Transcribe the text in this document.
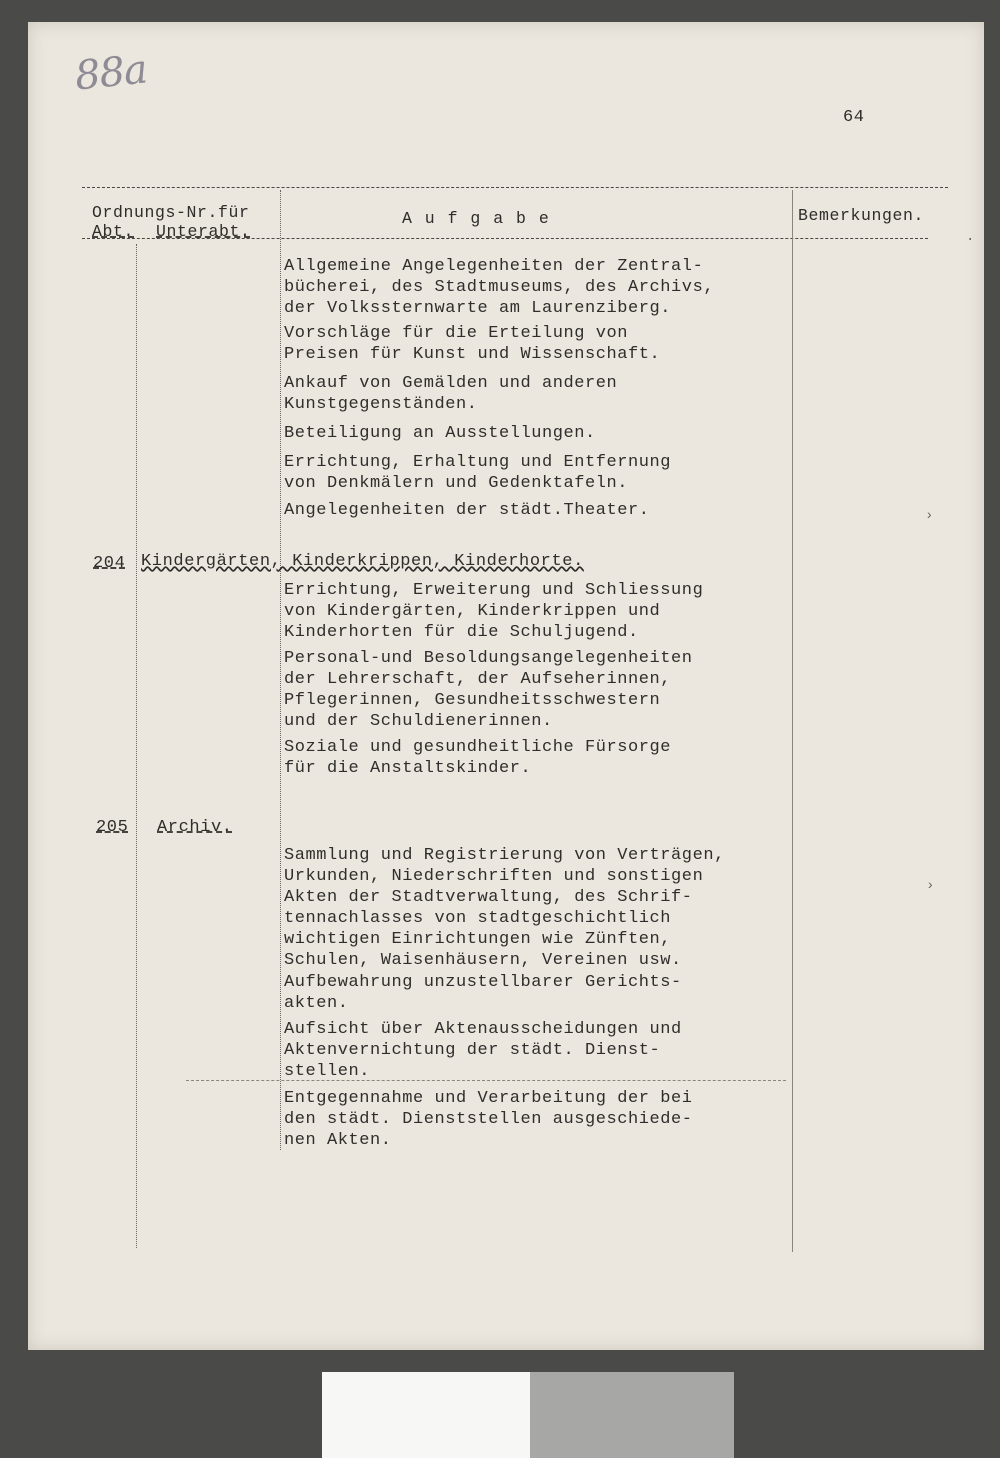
88a
64
Ordnungs-Nr.für
Abt. Unterabt.
A u f g a b e	Bemerkungen.
Allgemeine Angelegenheiten der Zentral-
bücherei, des Stadtmuseums, des Archivs,
der Volkssternwarte am Laurenziberg.
Vorschläge für die Erteilung von
Preisen für Kunst und Wissenschaft.
Ankauf von Gemälden und anderen
Kunstgegenständen.
Beteiligung an Ausstellungen.
Errichtung, Erhaltung und Entfernung
von Denkmälern und Gedenktafeln.
Angelegenheiten der städt.Theater.
204 Kindergärten, Kinderkrippen, Kinderhorte.
Errichtung, Erweiterung und Schliessung
von Kindergärten, Kinderkrippen und
Kinderhorten für die Schuljugend.
Personal-und Besoldungsangelegenheiten
der Lehrerschaft, der Aufseherinnen,
Pflegerinnen, Gesundheitsschwestern
und der Schuldienerinnen.
Soziale und gesundheitliche Fürsorge
für die Anstaltskinder.
205 Archiv.
Sammlung und Registrierung von Verträgen,
Urkunden, Niederschriften und sonstigen
Akten der Stadtverwaltung, des Schrif-
tennachlasses von stadtgeschichtlich
wichtigen Einrichtungen wie Zünften,
Schulen, Waisenhäusern, Vereinen usw.
Aufbewahrung unzustellbarer Gerichts-
akten.
Aufsicht über Aktenausscheidungen und
Aktenvernichtung der städt. Dienst-
stellen.
Entgegennahme und Verarbeitung der bei
den städt. Dienststellen ausgeschiede-
nen Akten.
·
›
›
